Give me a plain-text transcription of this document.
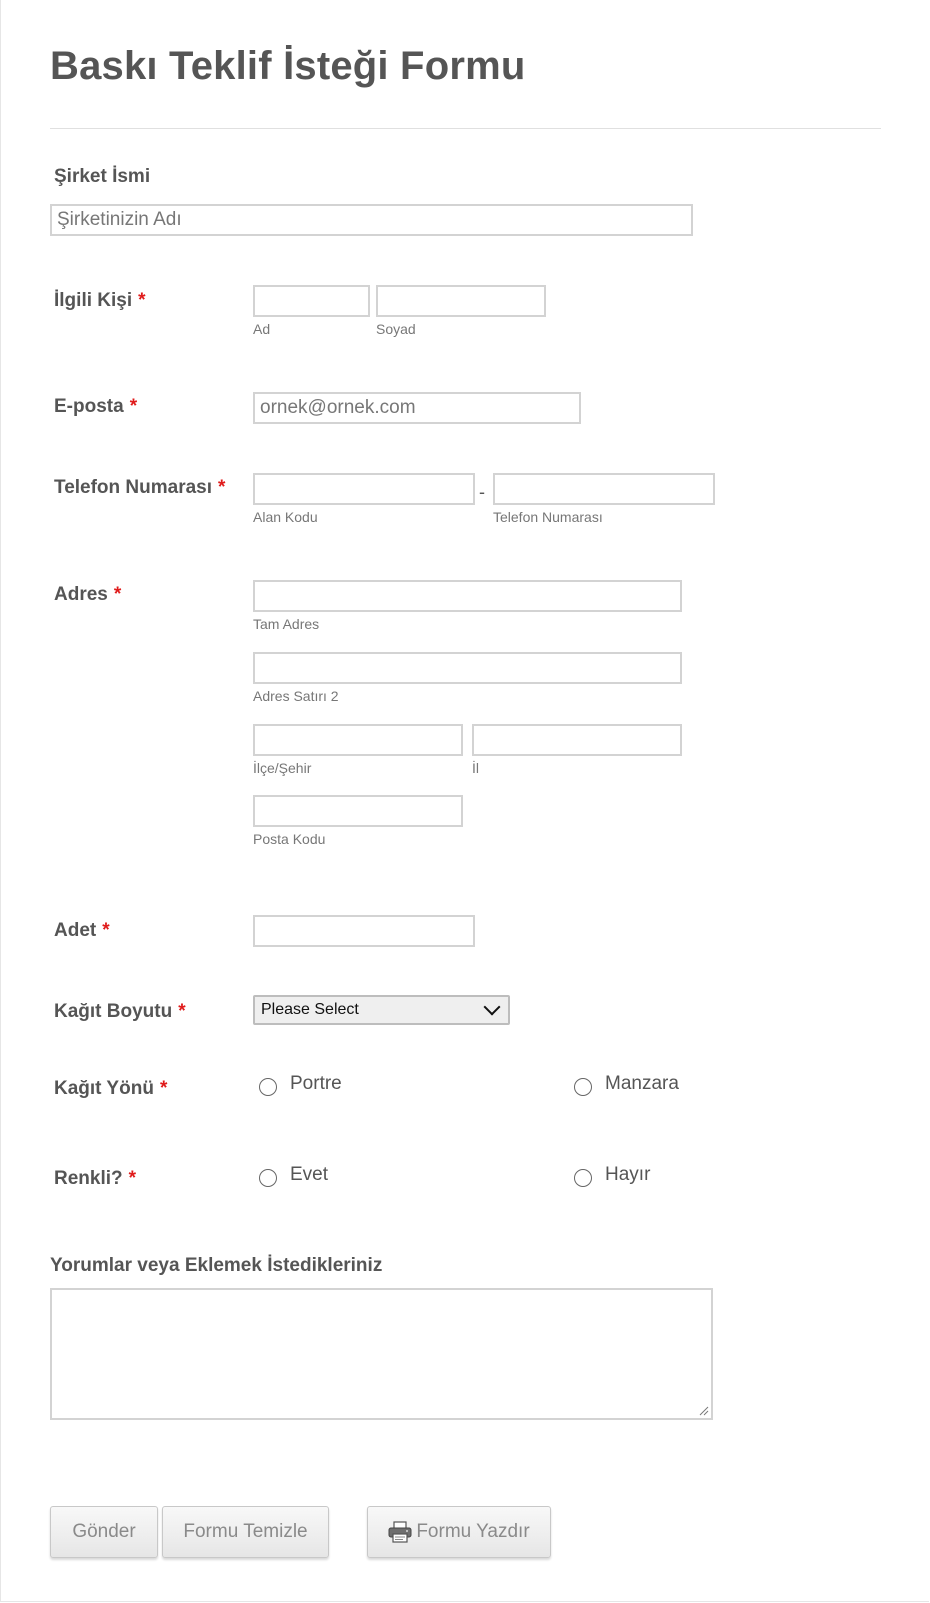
Baskı Teklif İsteği Formu
Şirket İsmi
Şirketinizin Adı
İlgili Kişi *
Ad	Soyad
E-posta *
ornek@ornek.com
Telefon Numarası *	-
Alan Kodu	Telefon Numarası
Adres *
Tam Adres
Adres Satırı 2
İlçe/Şehir	İl
Posta Kodu
Adet *
Kağıt Boyutu *	Please Select
Kağıt Yönü *	Portre	Manzara
Renkli? *	Evet	Hayır
Yorumlar veya Eklemek İstedikleriniz
Gönder	Formu Temizle	Formu Yazdır
